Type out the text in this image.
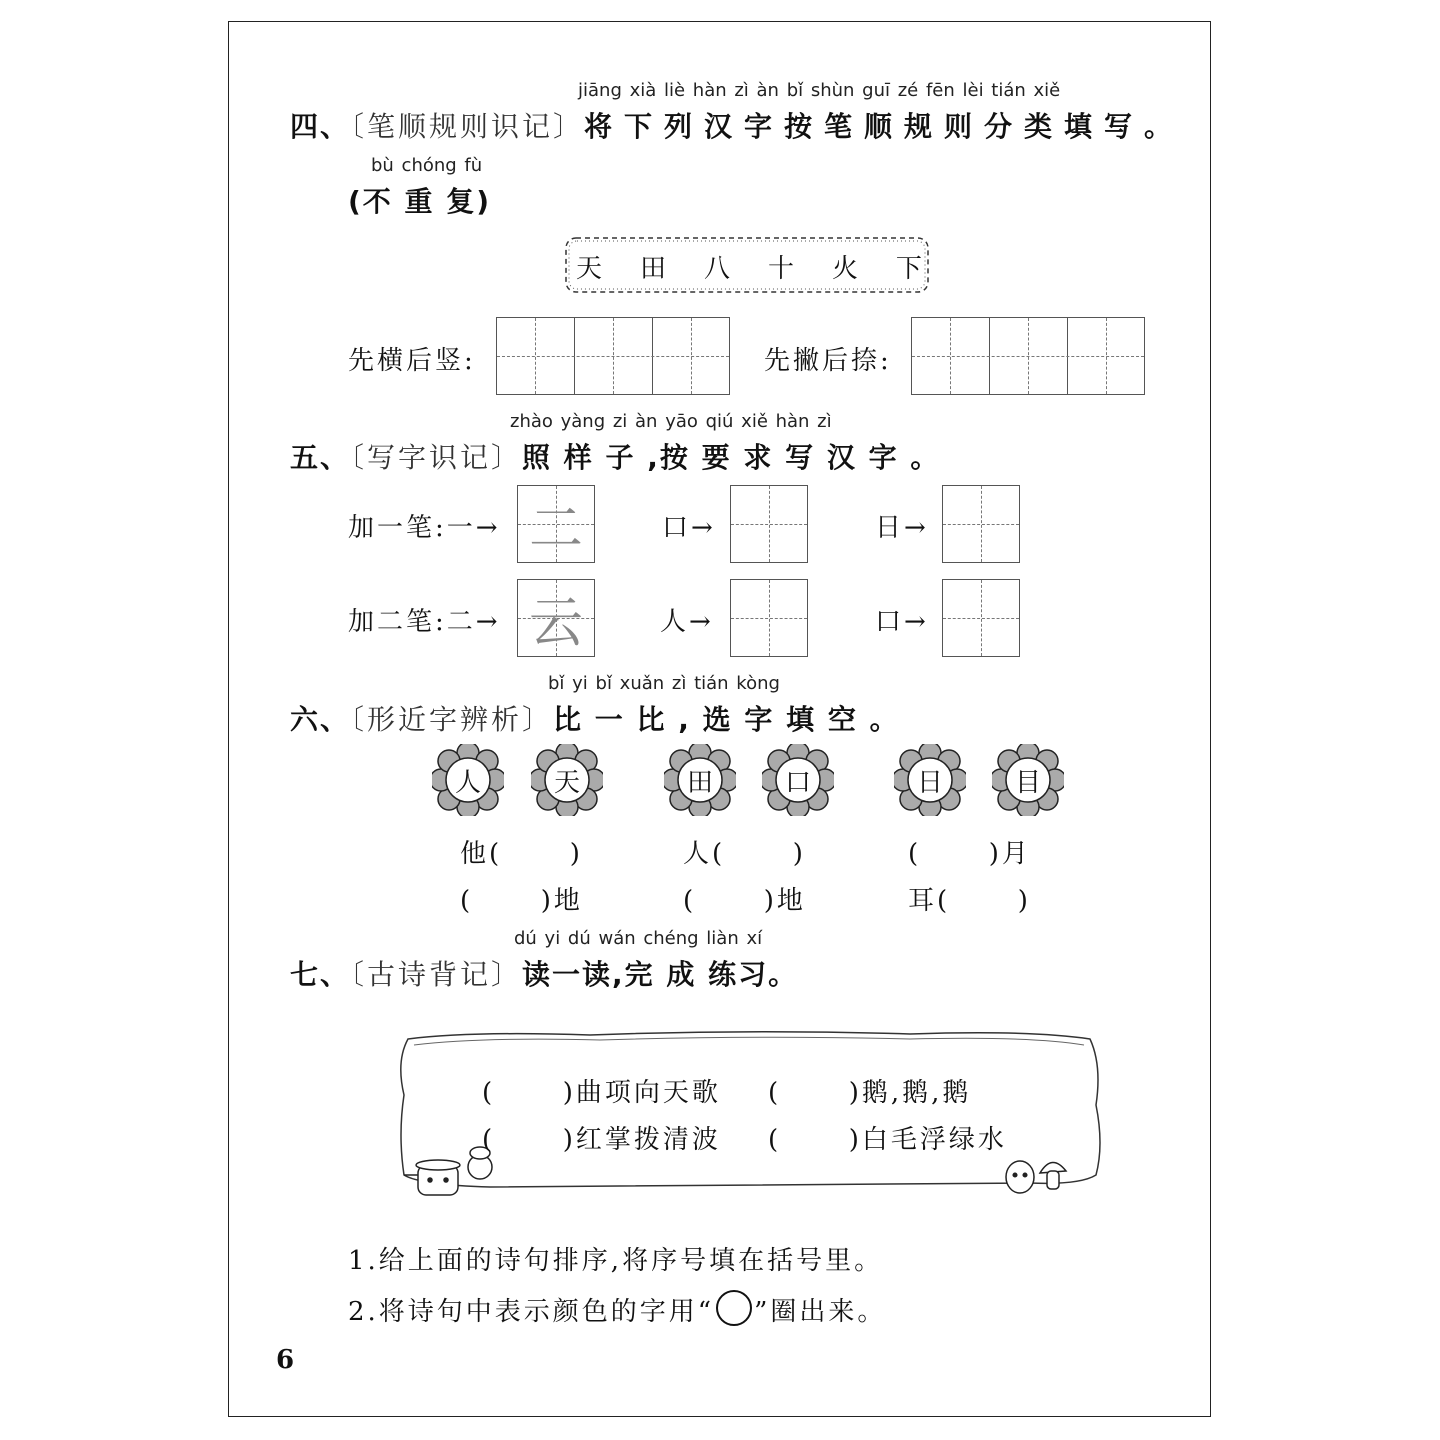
jiāng xià liè hàn zì àn bǐ shùn guī zé fēn lèi tián xiě
四、〔笔顺规则识记〕将下列汉字按笔顺规则分类填写。
bù chóng fù
(不 重 复)
天 田 八 十 火 下
先横后竖:	先撇后捺:
zhào yàng zi àn yāo qiú xiě hàn zì
五、〔写字识记〕照 样 子 ,按 要 求 写 汉 字 。
加一笔:一→ 二	口→	日→
加二笔:二→ 云	人→	口→
bǐ yi bǐ xuǎn zì tián kòng
六、〔形近字辨析〕比 一 比 , 选 字 填 空 。
人	天	田	口	日	目
他(      )	人(      )	(      )月
(      )地	(      )地	耳(      )
dú yi dú wán chéng liàn xí
七、〔古诗背记〕读一读,完 成 练习。
(      )曲项向天歌 (      )鹅,鹅,鹅
(      )红掌拨清波 (      )白毛浮绿水
1.给上面的诗句排序,将序号填在括号里。
2.将诗句中表示颜色的字用“ ”圈出来。
6
